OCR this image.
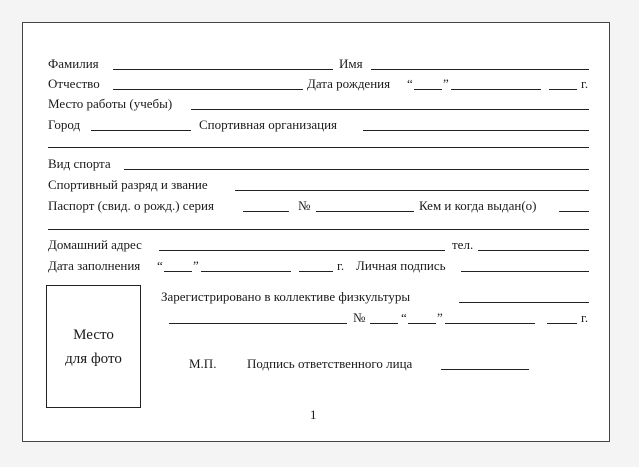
Фамилия	Имя
Отчество	Дата рождения “ ”	г.
Место работы (учебы)
Город	Спортивная организация
Вид спорта
Спортивный разряд и звание
Паспорт (свид. о рожд.) серия	№	Кем и когда выдан(о)
Домашний адрес	тел.
Дата заполнения “ ”	г. Личная подпись
Место
для фото
Зарегистрировано в коллективе физкультуры
№	“ ”	г.
М.П. Подпись ответственного лица
1
